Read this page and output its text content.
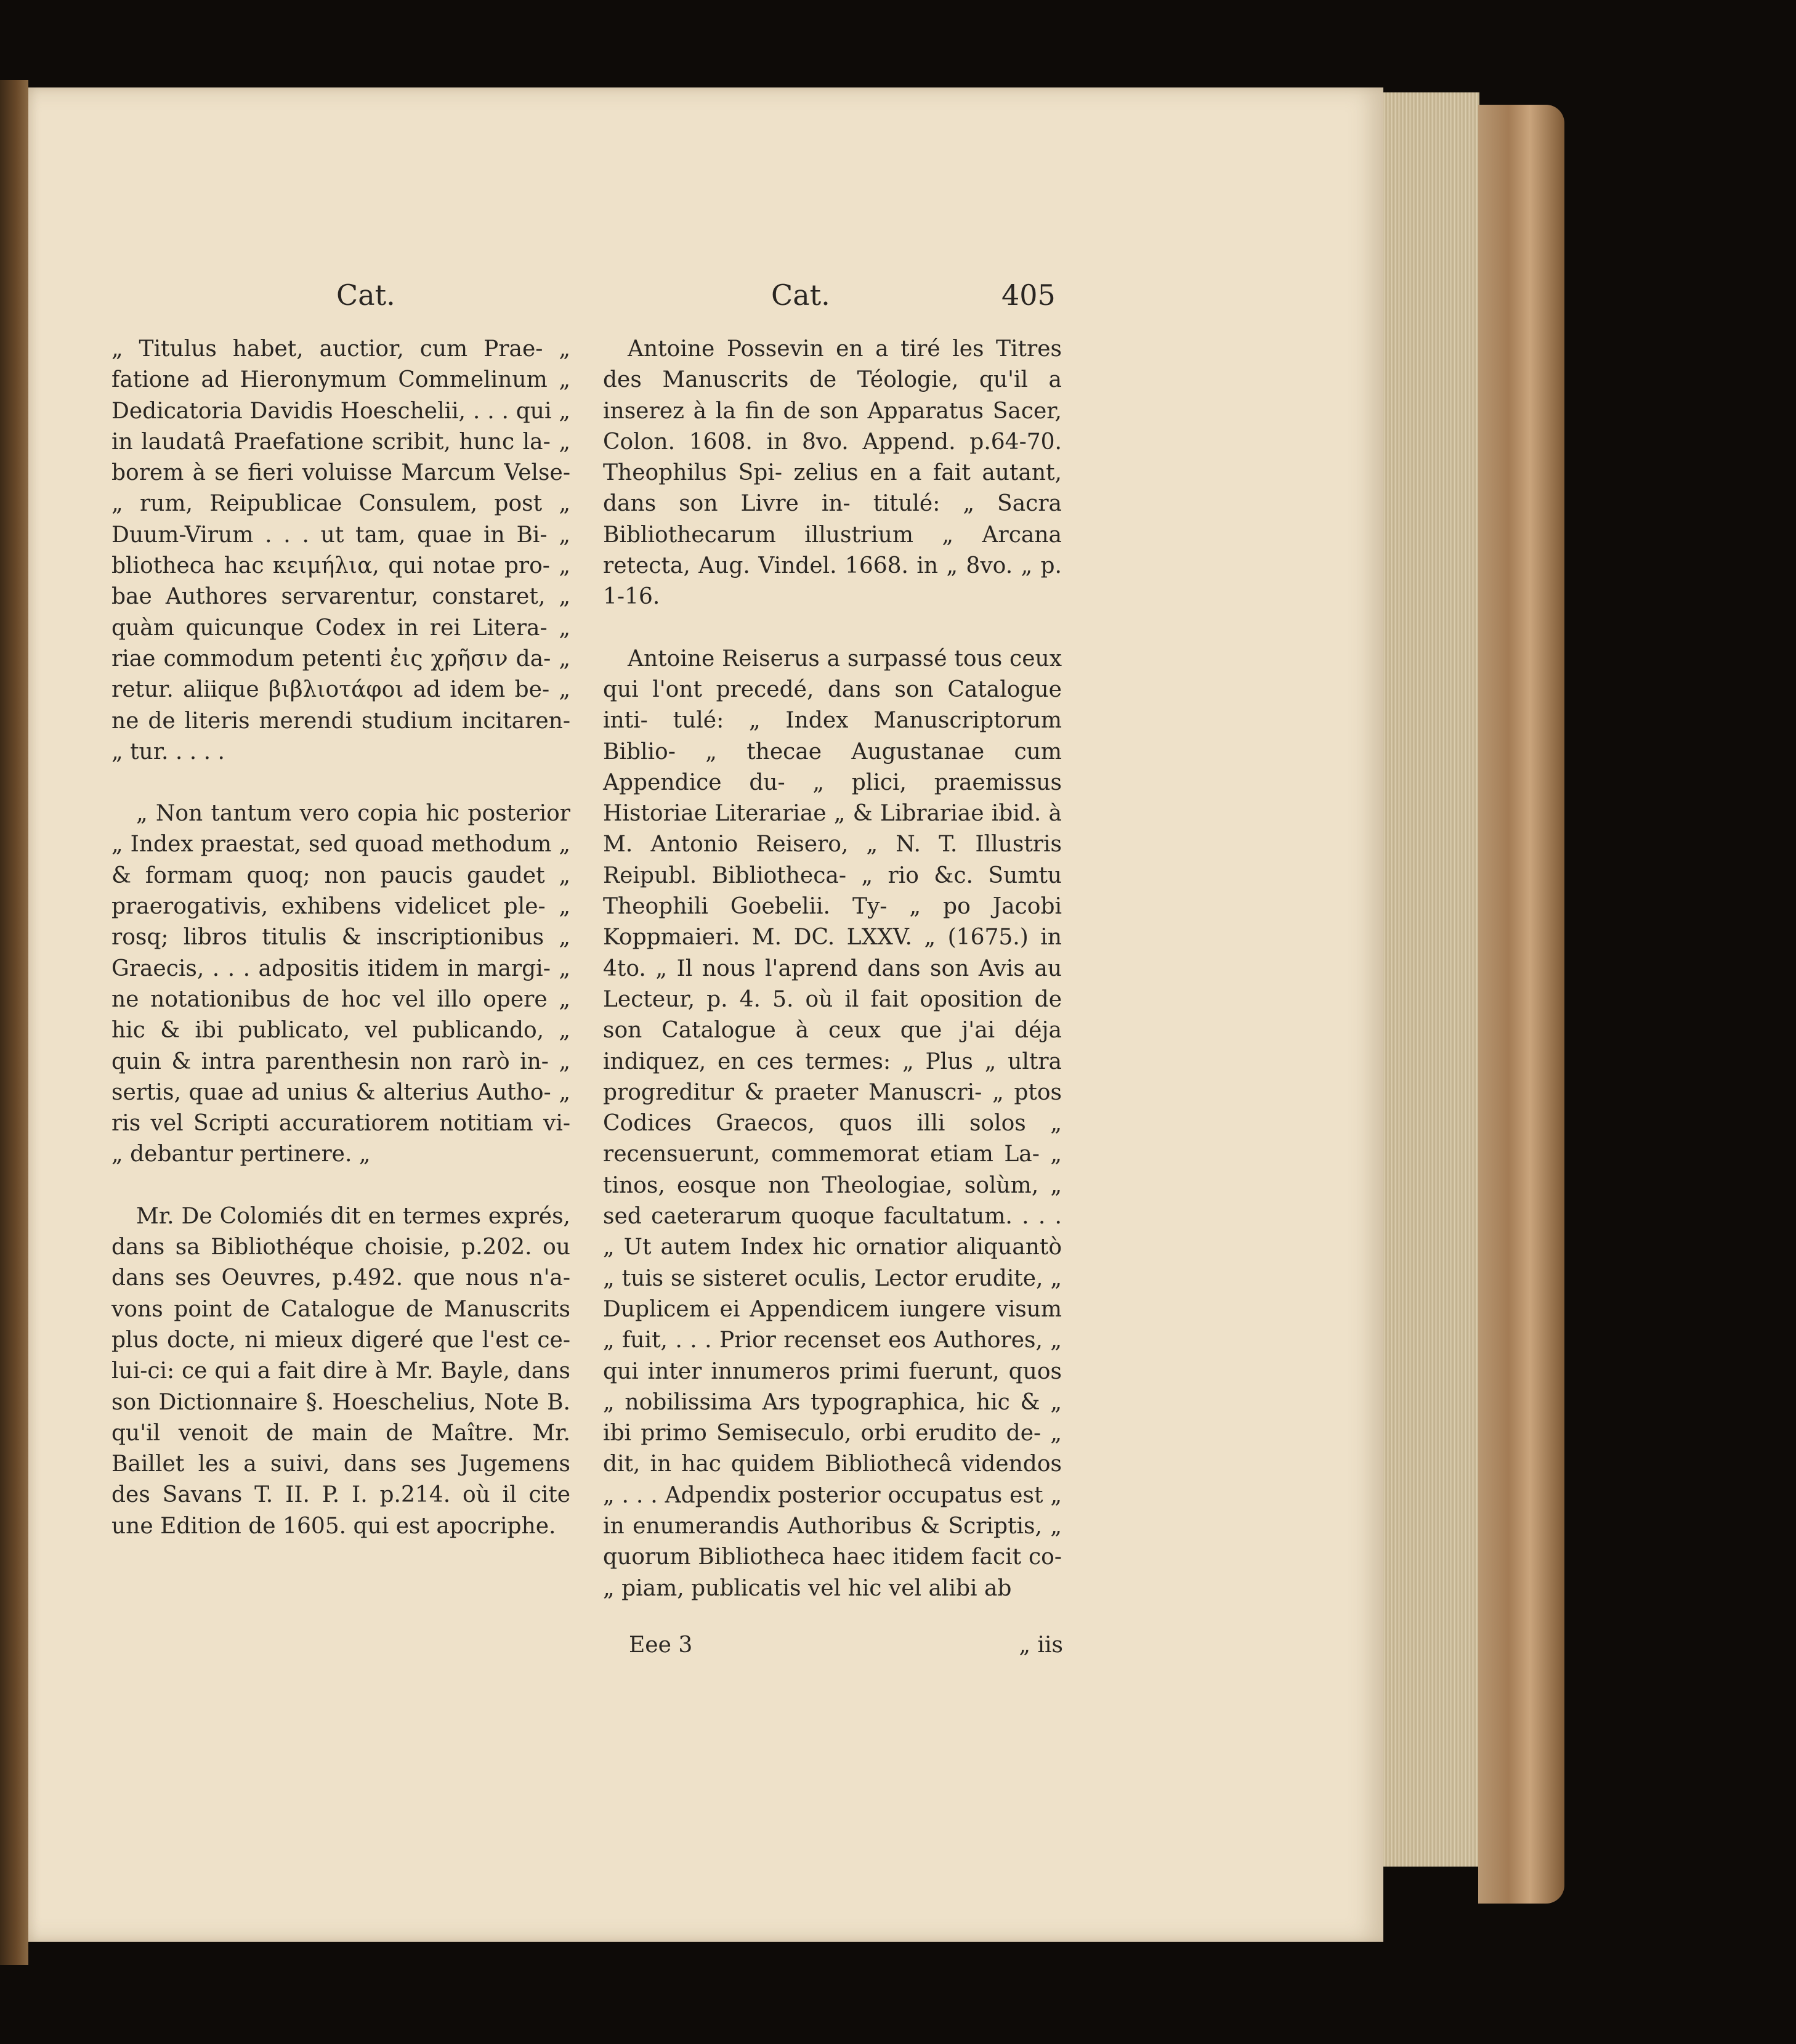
Cat.	Cat.	405

„ Titulus habet, auctior, cum Prae- „ fatione ad Hieronymum Commelinum „ Dedicatoria Davidis Hoeschelii, . . . qui „ in laudatâ Praefatione scribit, hunc la- „ borem à se fieri voluisse Marcum Velse- „ rum, Reipublicae Consulem, post „ Duum-Virum . . . ut tam, quae in Bi- „ bliotheca hac κειμήλια, qui notae pro- „ bae Authores servarentur, constaret, „ quàm quicunque Codex in rei Litera- „ riae commodum petenti ἐις χρῆσιν da- „ retur. aliique βιβλιοτάφοι ad idem be- „ ne de literis merendi studium incitaren- „ tur. . . . .

„ Non tantum vero copia hic posterior „ Index praestat, sed quoad methodum „ & formam quoq; non paucis gaudet „ praerogativis, exhibens videlicet ple- „ rosq; libros titulis & inscriptionibus „ Graecis, . . . adpositis itidem in margi- „ ne notationibus de hoc vel illo opere „ hic & ibi publicato, vel publicando, „ quin & intra parenthesin non rarò in- „ sertis, quae ad unius & alterius Autho- „ ris vel Scripti accuratiorem notitiam vi- „ debantur pertinere. „

Mr. De Colomiés dit en termes exprés, dans sa Bibliothéque choisie, p.202. ou dans ses Oeuvres, p.492. que nous n'a- vons point de Catalogue de Manuscrits plus docte, ni mieux digeré que l'est ce- lui-ci: ce qui a fait dire à Mr. Bayle, dans son Dictionnaire §. Hoeschelius, Note B. qu'il venoit de main de Maître. Mr. Baillet les a suivi, dans ses Jugemens des Savans T. II. P. I. p.214. où il cite une Edition de 1605. qui est apocriphe.

Antoine Possevin en a tiré les Titres des Manuscrits de Téologie, qu'il a inserez à la fin de son Apparatus Sacer, Colon. 1608. in 8vo. Append. p.64-70. Theophilus Spi- zelius en a fait autant, dans son Livre in- titulé: „ Sacra Bibliothecarum illustrium „ Arcana retecta, Aug. Vindel. 1668. in „ 8vo. „ p. 1-16.

Antoine Reiserus a surpassé tous ceux qui l'ont precedé, dans son Catalogue inti- tulé: „ Index Manuscriptorum Biblio- „ thecae Augustanae cum Appendice du- „ plici, praemissus Historiae Literariae „ & Librariae ibid. à M. Antonio Reisero, „ N. T. Illustris Reipubl. Bibliotheca- „ rio &c. Sumtu Theophili Goebelii. Ty- „ po Jacobi Koppmaieri. M. DC. LXXV. „ (1675.) in 4to. „ Il nous l'aprend dans son Avis au Lecteur, p. 4. 5. où il fait oposition de son Catalogue à ceux que j'ai déja indiquez, en ces termes: „ Plus „ ultra progreditur & praeter Manuscri- „ ptos Codices Graecos, quos illi solos „ recensuerunt, commemorat etiam La- „ tinos, eosque non Theologiae, solùm, „ sed caeterarum quoque facultatum. . . . „ Ut autem Index hic ornatior aliquantò „ tuis se sisteret oculis, Lector erudite, „ Duplicem ei Appendicem iungere visum „ fuit, . . . Prior recenset eos Authores, „ qui inter innumeros primi fuerunt, quos „ nobilissima Ars typographica, hic & „ ibi primo Semiseculo, orbi erudito de- „ dit, in hac quidem Bibliothecâ videndos „ . . . Adpendix posterior occupatus est „ in enumerandis Authoribus & Scriptis, „ quorum Bibliotheca haec itidem facit co- „ piam, publicatis vel hic vel alibi ab

Eee 3	„ iis
